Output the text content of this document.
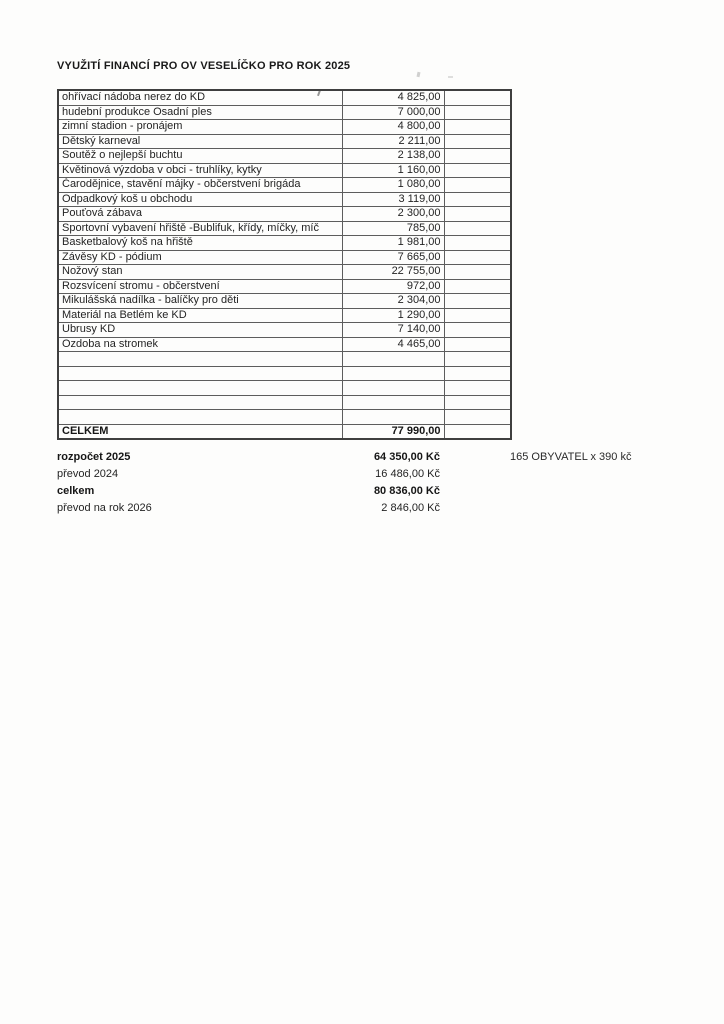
VYUŽITÍ FINANCÍ PRO OV VESELÍČKO PRO ROK 2025
ohřívací nádoba nerez do KD	4 825,00	
hudební produkce Osadní ples	7 000,00	
zimní stadion - pronájem	4 800,00	
Dětský karneval	2 211,00	
Soutěž o nejlepší buchtu	2 138,00	
Květinová výzdoba v obci - truhlíky, kytky	1 160,00	
Čarodějnice, stavění májky - občerstvení brigáda	1 080,00	
Odpadkový koš u obchodu	3 119,00	
Pouťová zábava	2 300,00	
Sportovní vybavení hřiště -Bublifuk, křídy, míčky, míč	785,00	
Basketbalový koš na hřiště	1 981,00	
Závěsy KD - pódium	7 665,00	
Nožový stan	22 755,00	
Rozsvícení stromu - občerstvení	972,00	
Mikulášská nadílka - balíčky pro děti	2 304,00	
Materiál na Betlém ke KD	1 290,00	
Ubrusy KD	7 140,00	
Ozdoba na stromek	4 465,00	

CELKEM	77 990,00	
rozpočet 2025	64 350,00 Kč	165 OBYVATEL x 390 kč
převod 2024	16 486,00 Kč
celkem	80 836,00 Kč
převod na rok 2026	2 846,00 Kč
